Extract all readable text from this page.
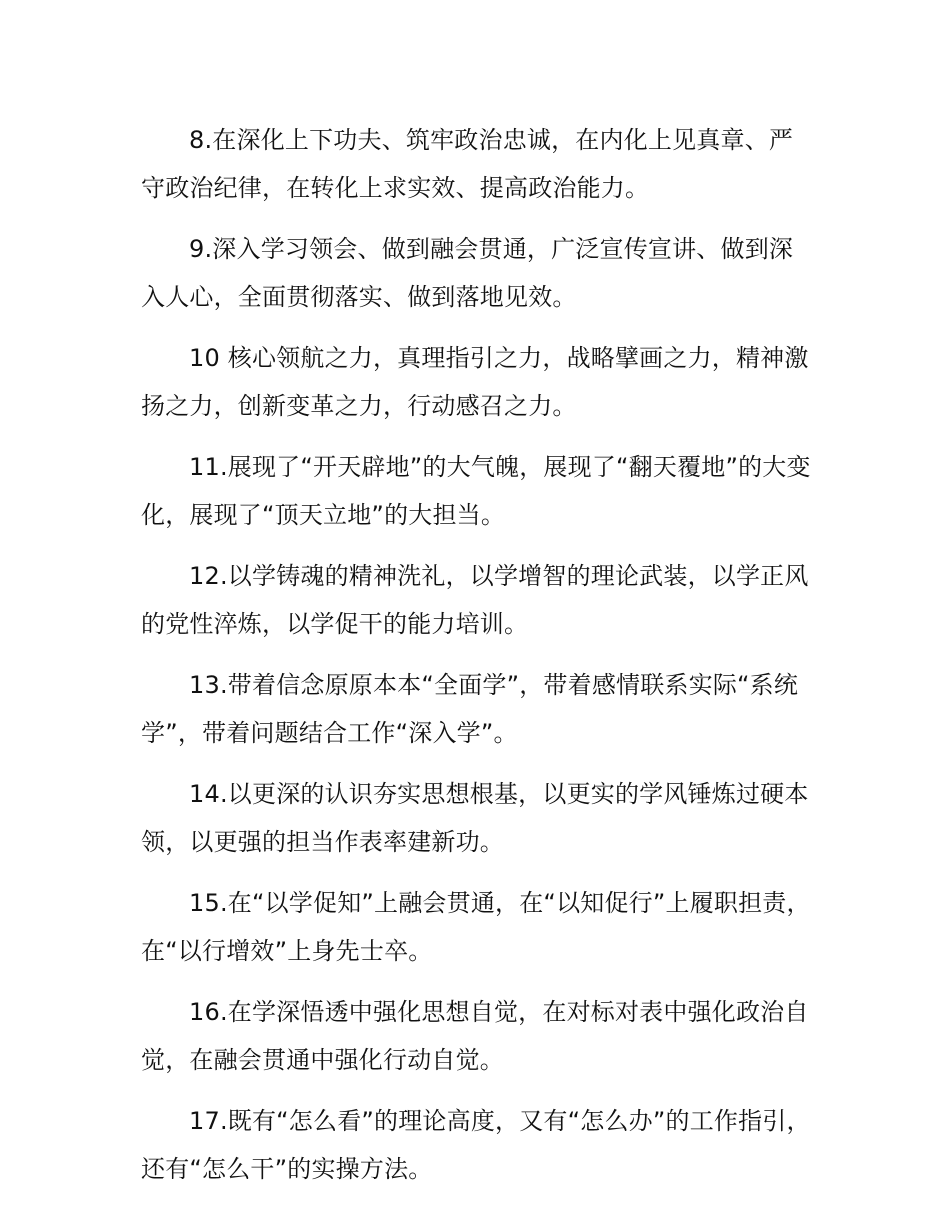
8.在深化上下功夫、筑牢政治忠诚，在内化上见真章、严守政治纪律，在转化上求实效、提高政治能力。

9.深入学习领会、做到融会贯通，广泛宣传宣讲、做到深入人心，全面贯彻落实、做到落地见效。

10 核心领航之力，真理指引之力，战略擘画之力，精神激扬之力，创新变革之力，行动感召之力。

11.展现了“开天辟地”的大气魄，展现了“翻天覆地”的大变化，展现了“顶天立地”的大担当。

12.以学铸魂的精神洗礼，以学增智的理论武装，以学正风的党性淬炼，以学促干的能力培训。

13.带着信念原原本本“全面学”，带着感情联系实际“系统学”，带着问题结合工作“深入学”。

14.以更深的认识夯实思想根基，以更实的学风锤炼过硬本领，以更强的担当作表率建新功。

15.在“以学促知”上融会贯通，在“以知促行”上履职担责，在“以行增效”上身先士卒。

16.在学深悟透中强化思想自觉，在对标对表中强化政治自觉，在融会贯通中强化行动自觉。

17.既有“怎么看”的理论高度，又有“怎么办”的工作指引，还有“怎么干”的实操方法。
